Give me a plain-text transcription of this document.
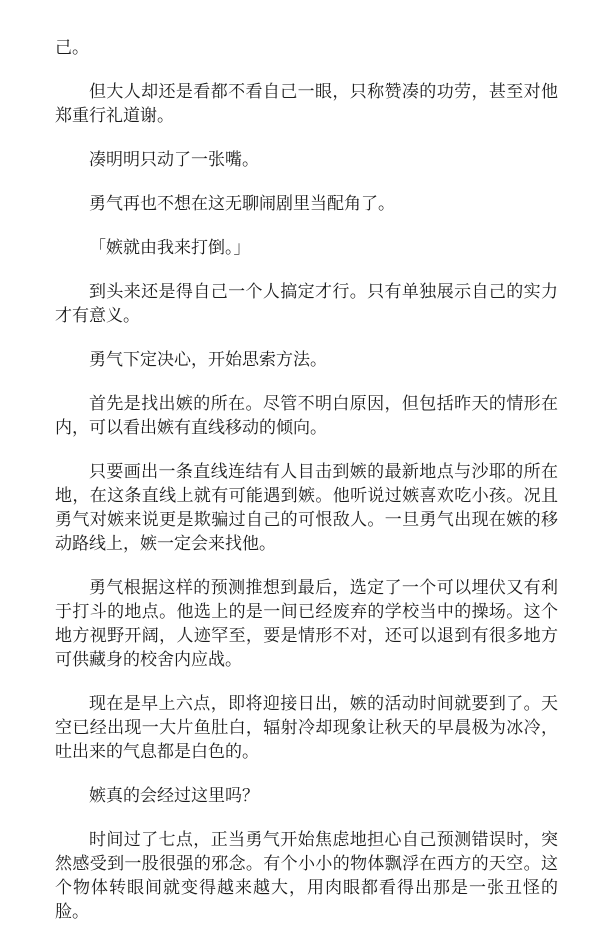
己。

但大人却还是看都不看自己一眼，只称赞凑的功劳，甚至对他郑重行礼道谢。

凑明明只动了一张嘴。

勇气再也不想在这无聊闹剧里当配角了。

「嫉就由我来打倒。」

到头来还是得自己一个人搞定才行。只有单独展示自己的实力才有意义。

勇气下定决心，开始思索方法。

首先是找出嫉的所在。尽管不明白原因，但包括昨天的情形在内，可以看出嫉有直线移动的倾向。

只要画出一条直线连结有人目击到嫉的最新地点与沙耶的所在地，在这条直线上就有可能遇到嫉。他听说过嫉喜欢吃小孩。况且勇气对嫉来说更是欺骗过自己的可恨敌人。一旦勇气出现在嫉的移动路线上，嫉一定会来找他。

勇气根据这样的预测推想到最后，选定了一个可以埋伏又有利于打斗的地点。他选上的是一间已经废弃的学校当中的操场。这个地方视野开阔，人迹罕至，要是情形不对，还可以退到有很多地方可供藏身的校舍内应战。

现在是早上六点，即将迎接日出，嫉的活动时间就要到了。天空已经出现一大片鱼肚白，辐射冷却现象让秋天的早晨极为冰冷，吐出来的气息都是白色的。

嫉真的会经过这里吗？

时间过了七点，正当勇气开始焦虑地担心自己预测错误时，突然感受到一股很强的邪念。有个小小的物体飘浮在西方的天空。这个物体转眼间就变得越来越大，用肉眼都看得出那是一张丑怪的脸。
